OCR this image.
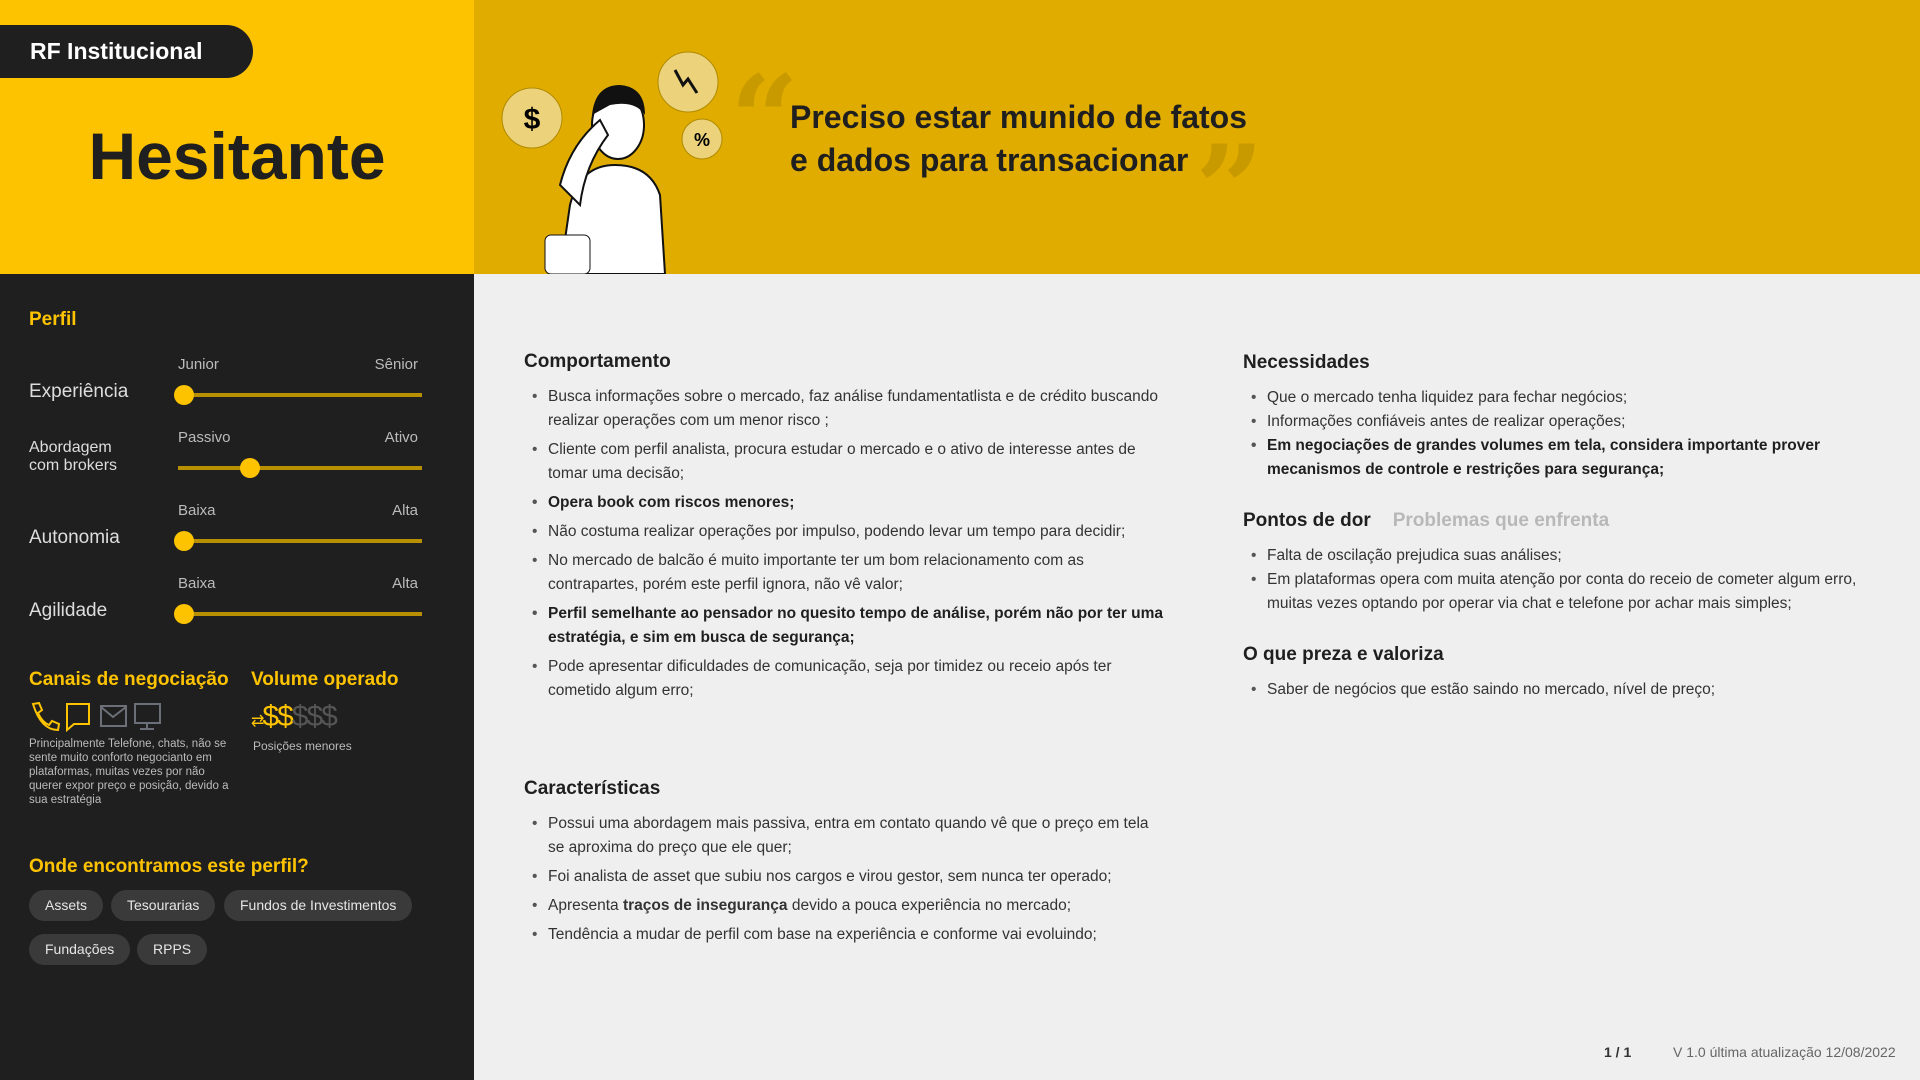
RF Institucional
Hesitante	$
% “	”
Preciso estar munido de fatos
e dados para transacionar
Perfil
Experiência
Junior	Sênior
Abordagem com brokers
Passivo	Ativo
Autonomia
Baixa	Alta
Agilidade
Baixa	Alta
Canais de negociação Volume operado
Principalmente Telefone, chats, não se sente muito conforto negocianto em plataformas, muitas vezes por não querer expor preço e posição, devido a sua estratégia
⇄$$$$$
Posições menores
Onde encontramos este perfil?
Assets	Tesourarias	Fundos de Investimentos
Fundações	RPPS
Comportamento
• Busca informações sobre o mercado, faz análise fundamentatlista e de crédito buscando realizar operações com um menor risco ;
• Cliente com perfil analista, procura estudar o mercado e o ativo de interesse antes de tomar uma decisão;
• Opera book com riscos menores;
• Não costuma realizar operações por impulso, podendo levar um tempo para decidir;
• No mercado de balcão é muito importante ter um bom relacionamento com as contrapartes, porém este perfil ignora, não vê valor;
• Perfil semelhante ao pensador no quesito tempo de análise, porém não por ter uma estratégia, e sim em busca de segurança;
• Pode apresentar dificuldades de comunicação, seja por timidez ou receio após ter cometido algum erro;
Características
• Possui uma abordagem mais passiva, entra em contato quando vê que o preço em tela se aproxima do preço que ele quer;
• Foi analista de asset que subiu nos cargos e virou gestor, sem nunca ter operado;
• Apresenta traços de insegurança devido a pouca experiência no mercado;
• Tendência a mudar de perfil com base na experiência e conforme vai evoluindo;
Necessidades
• Que o mercado tenha liquidez para fechar negócios;
• Informações confiáveis antes de realizar operações;
• Em negociações de grandes volumes em tela, considera importante prover mecanismos de controle e restrições para segurança;
Pontos de dor Problemas que enfrenta
• Falta de oscilação prejudica suas análises;
• Em plataformas opera com muita atenção por conta do receio de cometer algum erro, muitas vezes optando por operar via chat e telefone por achar mais simples;
O que preza e valoriza
• Saber de negócios que estão saindo no mercado, nível de preço;
1 / 1	V 1.0 última atualização 12/08/2022
